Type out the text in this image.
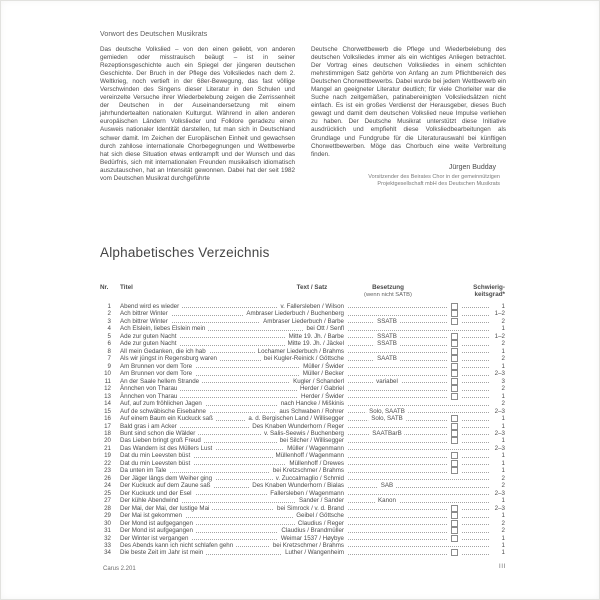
Vorwort des Deutschen Musikrats
Das deutsche Volkslied – von den einen geliebt, von anderen gemieden oder misstrauisch beäugt – ist in seiner Rezeptionsgeschichte auch ein Spiegel der jüngeren deutschen Geschichte. Der Bruch in der Pflege des Volksliedes nach dem 2. Weltkrieg, noch vertieft in der 68er-Bewegung, das fast völlige Verschwinden des Singens dieser Literatur in den Schulen und vereinzelte Versuche ihrer Wiederbelebung zeigen die Zerrissenheit der Deutschen in der Auseinandersetzung mit einem jahrhundertealten nationalen Kulturgut. Während in allen anderen europäischen Ländern Volkslieder und Folklore geradezu einen Ausweis nationaler Identität darstellen, tut man sich in Deutschland schwer damit. Im Zeichen der Europäischen Einheit und gewachsen durch zahllose internationale Chorbegegnungen und Wettbewerbe hat sich diese Situation etwas entkrampft und der Wunsch und das Bedürfnis, sich mit internationalen Freunden musikalisch idiomatisch auszutauschen, hat an Intensität gewonnen. Dabei hat der seit 1982 vom Deutschen Musikrat durchgeführte
Deutsche Chorwettbewerb die Pflege und Wiederbelebung des deutschen Volksliedes immer als ein wichtiges Anliegen betrachtet. Der Vortrag eines deutschen Volksliedes in einem schlichten mehrstimmigen Satz gehörte von Anfang an zum Pflichtbereich des Deutschen Chorwettbewerbs. Dabei wurde bei jedem Wettbewerb ein Mangel an geeigneter Literatur deutlich; für viele Chorleiter war die Suche nach zeitgemäßen, patinabereinigten Volksliedsätzen nicht einfach. Es ist ein großes Verdienst der Herausgeber, dieses Buch gewagt und damit dem deutschen Volkslied neue Impulse verliehen zu haben. Der Deutsche Musikrat unterstützt diese Initiative ausdrücklich und empfiehlt diese Volksliedbearbeitungen als Grundlage und Fundgrube für die Literaturauswahl bei künftigen Chorwettbewerben. Möge das Chorbuch eine weite Verbreitung finden.
Jürgen Budday
Vorsitzender des Beirates Chor in der gemeinnützigen
Projektgesellschaft mbH des Deutschen Musikrats
Alphabetisches Verzeichnis
Nr. Titel	Text / Satz	Besetzung
(wenn nicht SATB)
Schwierig-
keitsgrad*
1 Abend wird es wieder	v. Fallersleben / Wilson	1
2 Ach bittrer Winter	Ambraser Liederbuch / Buchenberg	1–2
3 Ach bittrer Winter	Ambraser Liederbuch / Barbe	SSATB	2
4 Ach Elslein, liebes Elslein mein	bei Ott / Senfl	1
5 Ade zur guten Nacht	Mitte 19. Jh. / Barbe	SSATB	1–2
6 Ade zur guten Nacht	Mitte 19. Jh. / Jäckel	SSATB	2
8 All mein Gedanken, die ich hab	Lochamer Liederbuch / Brahms	1
7 Als wir jüngst in Regensburg waren	bei Kugler-Reinick / Göttsche	SAATB	2
9 Am Brunnen vor dem Tore	Müller / Świder	1
10 Am Brunnen vor dem Tore	Müller / Becker	2–3
11 An der Saale hellem Strande	Kugler / Schanderl	variabel	3
12 Ännchen von Tharau	Herder / Gabriel	2
13 Ännchen von Tharau	Herder / Świder	1
14 Auf, auf zum fröhlichen Jagen	nach Hancke / Miškinis	2
15 Auf de schwäbische Eisebahne	aus Schwaben / Rohrer	Solo, SAATB	2–3
16 Auf einem Baum ein Kuckuck saß	a. d. Bergischen Land / Willisegger	Solo, SATB	1
17 Bald gras i am Acker	Des Knaben Wunderhorn / Reger	1
18 Bunt sind schon die Wälder	v. Salis-Seewis / Buchenberg	SAATBarB	2–3
20 Das Lieben bringt groß Freud	bei Silcher / Willisegger	1
21 Das Wandern ist des Müllers Lust	Müller / Wagenmann	2–3
19 Dat du min Leevsten büst	Müllenhoff / Wagenmann	1
22 Dat du min Leevsten büst	Müllenhoff / Drewes	1
23 Da unten im Tale	bei Kretzschmer / Brahms	1
26 Der Jäger längs dem Weiher ging	v. Zuccalmaglio / Schmid	2
24 Der Kuckuck auf dem Zaune saß	Des Knaben Wunderhorn / Bialas	SAB	2
25 Der Kuckuck und der Esel	Fallersleben / Wagenmann	2–3
27 Der kühle Abendwind	Sander / Sander	Kanon	1
28 Der Mai, der Mai, der lustige Mai	bei Simrock / v. d. Brand	2–3
29 Der Mai ist gekommen	Geibel / Göttsche	1
30 Der Mond ist aufgegangen	Claudius / Reger	2
31 Der Mond ist aufgegangen	Claudius / Brandmüller	2
32 Der Winter ist vergangen	Weimar 1537 / Høybye	1
33 Des Abends kann ich nicht schlafen gehn	bei Kretzschmer / Brahms	1
34 Die beste Zeit im Jahr ist mein	Luther / Wangenheim	1
Carus 2.201	III
